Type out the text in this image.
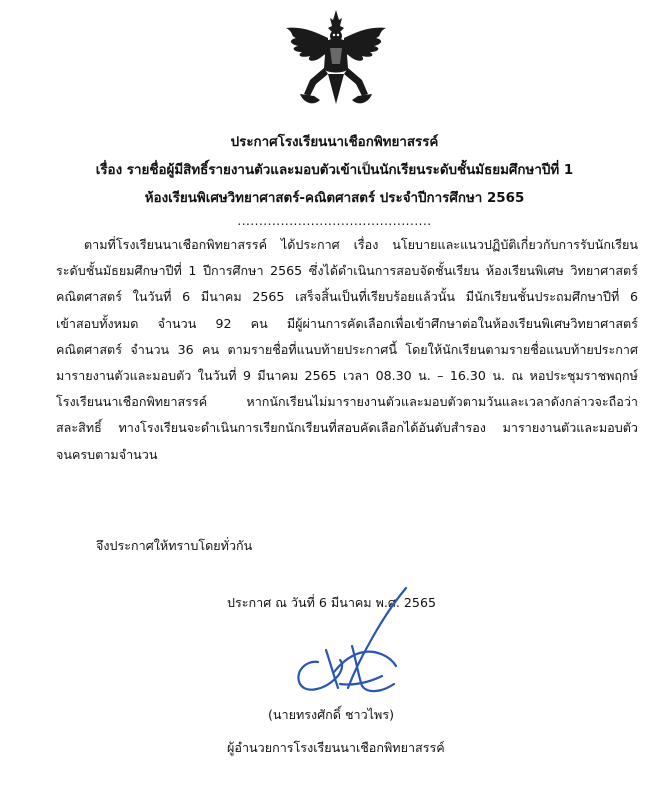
ประกาศโรงเรียนนาเชือกพิทยาสรรค์
เรื่อง รายชื่อผู้มีสิทธิ์รายงานตัวและมอบตัวเข้าเป็นนักเรียนระดับชั้นมัธยมศึกษาปีที่ 1
ห้องเรียนพิเศษวิทยาศาสตร์-คณิตศาสตร์ ประจำปีการศึกษา 2565
.............................................
ตามที่โรงเรียนนาเชือกพิทยาสรรค์ ได้ประกาศ เรื่อง นโยบายและแนวปฏิบัติเกี่ยวกับการรับนักเรียน
ระดับชั้นมัธยมศึกษาปีที่ 1 ปีการศึกษา 2565 ซึ่งได้ดำเนินการสอบจัดชั้นเรียน ห้องเรียนพิเศษ วิทยาศาสตร์
คณิตศาสตร์ ในวันที่ 6 มีนาคม 2565 เสร็จสิ้นเป็นที่เรียบร้อยแล้วนั้น มีนักเรียนชั้นประถมศึกษาปีที่ 6
เข้าสอบทั้งหมด จำนวน 92 คน มีผู้ผ่านการคัดเลือกเพื่อเข้าศึกษาต่อในห้องเรียนพิเศษวิทยาศาสตร์
คณิตศาสตร์ จำนวน 36 คน ตามรายชื่อที่แนบท้ายประกาศนี้ โดยให้นักเรียนตามรายชื่อแนบท้ายประกาศ
มารายงานตัวและมอบตัว ในวันที่ 9 มีนาคม 2565 เวลา 08.30 น. – 16.30 น. ณ หอประชุมราชพฤกษ์
โรงเรียนนาเชือกพิทยาสรรค์ หากนักเรียนไม่มารายงานตัวและมอบตัวตามวันและเวลาดังกล่าวจะถือว่า
สละสิทธิ์ ทางโรงเรียนจะดำเนินการเรียกนักเรียนที่สอบคัดเลือกได้อันดับสำรอง มารายงานตัวและมอบตัว
จนครบตามจำนวน
จึงประกาศให้ทราบโดยทั่วกัน
ประกาศ ณ วันที่ 6 มีนาคม พ.ศ. 2565
(นายทรงศักดิ์ ชาวไพร)
ผู้อำนวยการโรงเรียนนาเชือกพิทยาสรรค์
